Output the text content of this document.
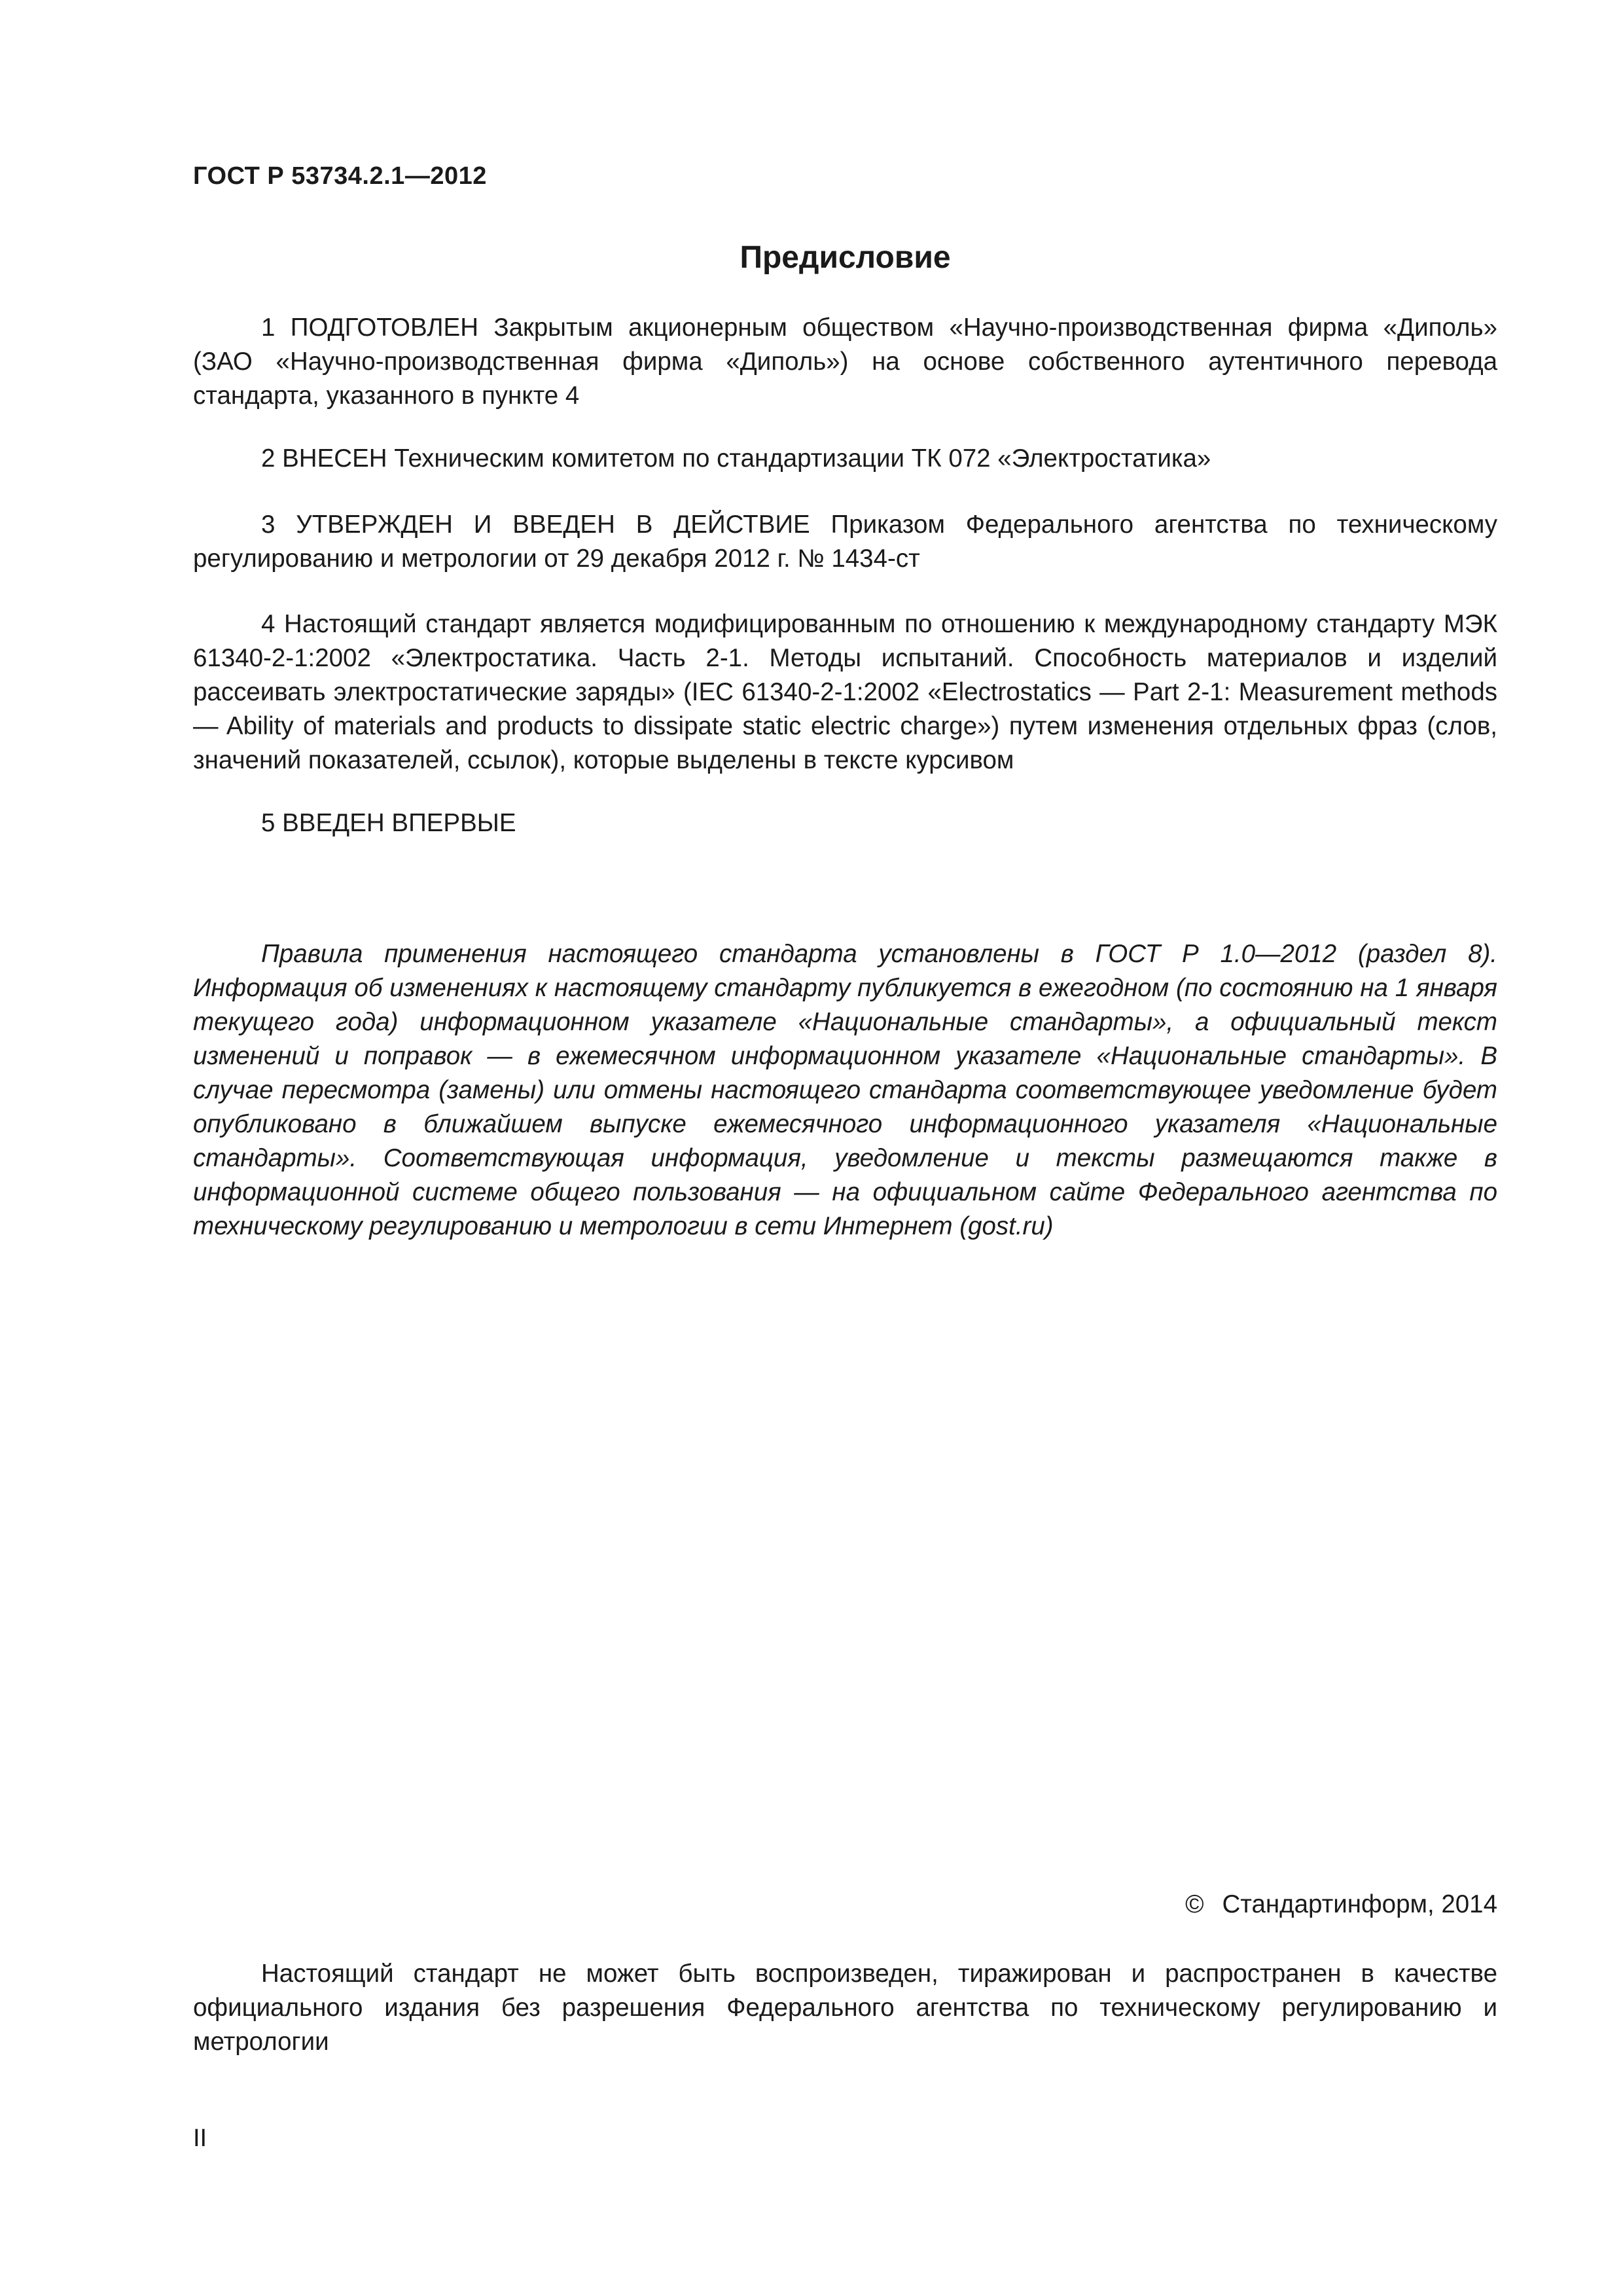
ГОСТ Р 53734.2.1—2012
Предисловие
1 ПОДГОТОВЛЕН Закрытым акционерным обществом «Научно-производственная фирма «Диполь» (ЗАО «Научно-производственная фирма «Диполь») на основе собственного аутентичного перевода стандарта, указанного в пункте 4
2 ВНЕСЕН Техническим комитетом по стандартизации ТК 072 «Электростатика»
3 УТВЕРЖДЕН И ВВЕДЕН В ДЕЙСТВИЕ Приказом Федерального агентства по техническому регулированию и метрологии от 29 декабря 2012 г. № 1434-ст
4 Настоящий стандарт является модифицированным по отношению к международному стандарту МЭК 61340-2-1:2002 «Электростатика. Часть 2-1. Методы испытаний. Способность материалов и изделий рассеивать электростатические заряды» (IEC 61340-2-1:2002 «Electrostatics — Part 2-1: Measurement methods — Ability of materials and products to dissipate static electric charge») путем изменения отдельных фраз (слов, значений показателей, ссылок), которые выделены в тексте курсивом
5 ВВЕДЕН ВПЕРВЫЕ
Правила применения настоящего стандарта установлены в ГОСТ Р 1.0—2012 (раздел 8). Информация об изменениях к настоящему стандарту публикуется в ежегодном (по состоянию на 1 января текущего года) информационном указателе «Национальные стандарты», а официальный текст изменений и поправок — в ежемесячном информационном указателе «Национальные стандарты». В случае пересмотра (замены) или отмены настоящего стандарта соответствующее уведомление будет опубликовано в ближайшем выпуске ежемесячного информационного указателя «Национальные стандарты». Соответствующая информация, уведомление и тексты размещаются также в информационной системе общего пользования — на официальном сайте Федерального агентства по техническому регулированию и метрологии в сети Интернет (gost.ru)
© Стандартинформ, 2014
Настоящий стандарт не может быть воспроизведен, тиражирован и распространен в качестве официального издания без разрешения Федерального агентства по техническому регулированию и метрологии
II
